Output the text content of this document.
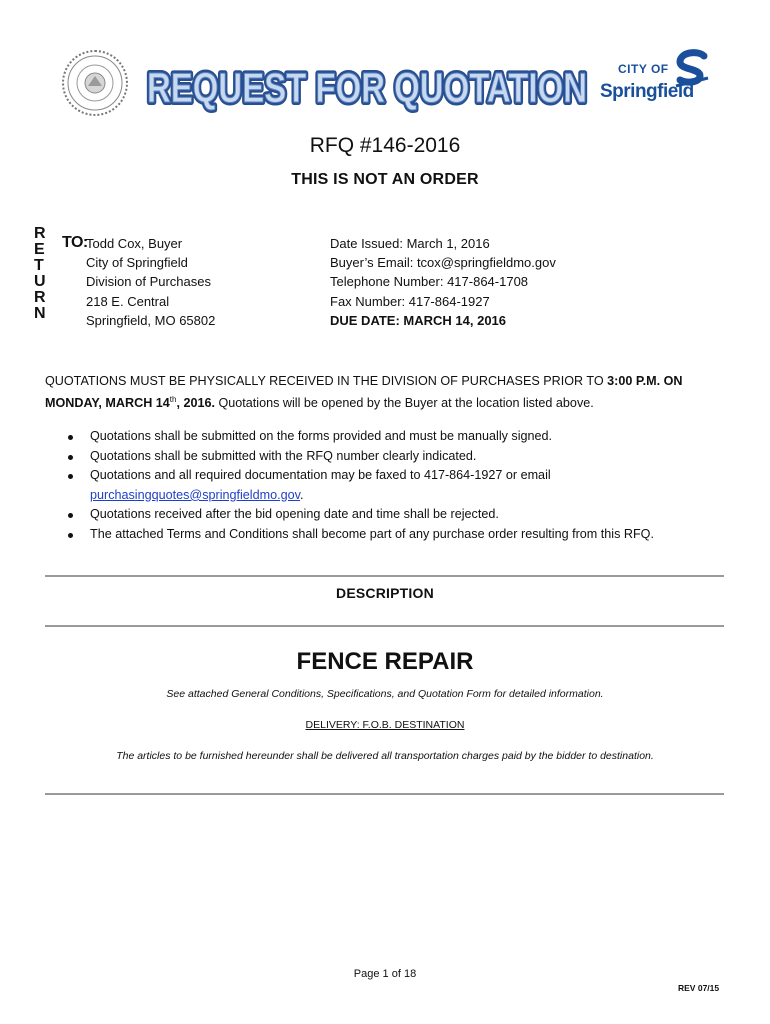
REQUEST FOR QUOTATION
REQUEST FOR QUOTATION	CITY OF
Springfield
RFQ #146-2016
THIS IS NOT AN ORDER
R
E
T
U
R
N
TO:
Todd Cox, Buyer
City of Springfield
Division of Purchases
218 E. Central
Springfield, MO 65802
Date Issued: March 1, 2016
Buyer’s Email: tcox@springfieldmo.gov
Telephone Number: 417-864-1708
Fax Number: 417-864-1927
DUE DATE: MARCH 14, 2016
QUOTATIONS MUST BE PHYSICALLY RECEIVED IN THE DIVISION OF PURCHASES PRIOR TO 3:00 P.M. ON MONDAY, MARCH 14th, 2016. Quotations will be opened by the Buyer at the location listed above.
Quotations shall be submitted on the forms provided and must be manually signed.
Quotations shall be submitted with the RFQ number clearly indicated.
Quotations and all required documentation may be faxed to 417-864-1927 or email
purchasingquotes@springfieldmo.gov.
Quotations received after the bid opening date and time shall be rejected.
The attached Terms and Conditions shall become part of any purchase order resulting from this RFQ.
DESCRIPTION
FENCE REPAIR
See attached General Conditions, Specifications, and Quotation Form for detailed information.
DELIVERY: F.O.B. DESTINATION
The articles to be furnished hereunder shall be delivered all transportation charges paid by the bidder to destination.
Page 1 of 18
REV 07/15
